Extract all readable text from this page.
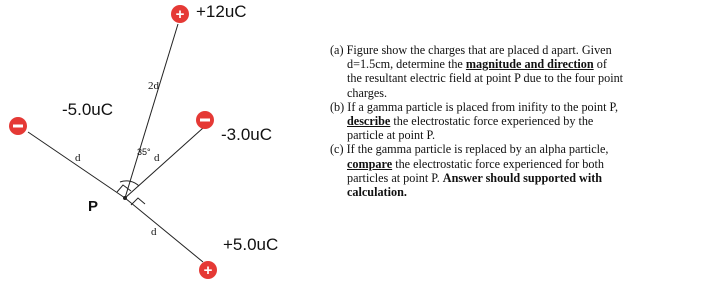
+
+
+12uC
-5.0uC
-3.0uC
+5.0uC
2d
d	d
d
35°
P
(a) Figure show the charges that are placed d apart. Given
d=1.5cm, determine the magnitude and direction of
the resultant electric field at point P due to the four point
charges.
(b) If a gamma particle is placed from inifity to the point P,
describe the electrostatic force experienced by the
particle at point P.
(c) If the gamma particle is replaced by an alpha particle,
compare the electrostatic force experienced for both
particles at point P. Answer should supported with
calculation.
